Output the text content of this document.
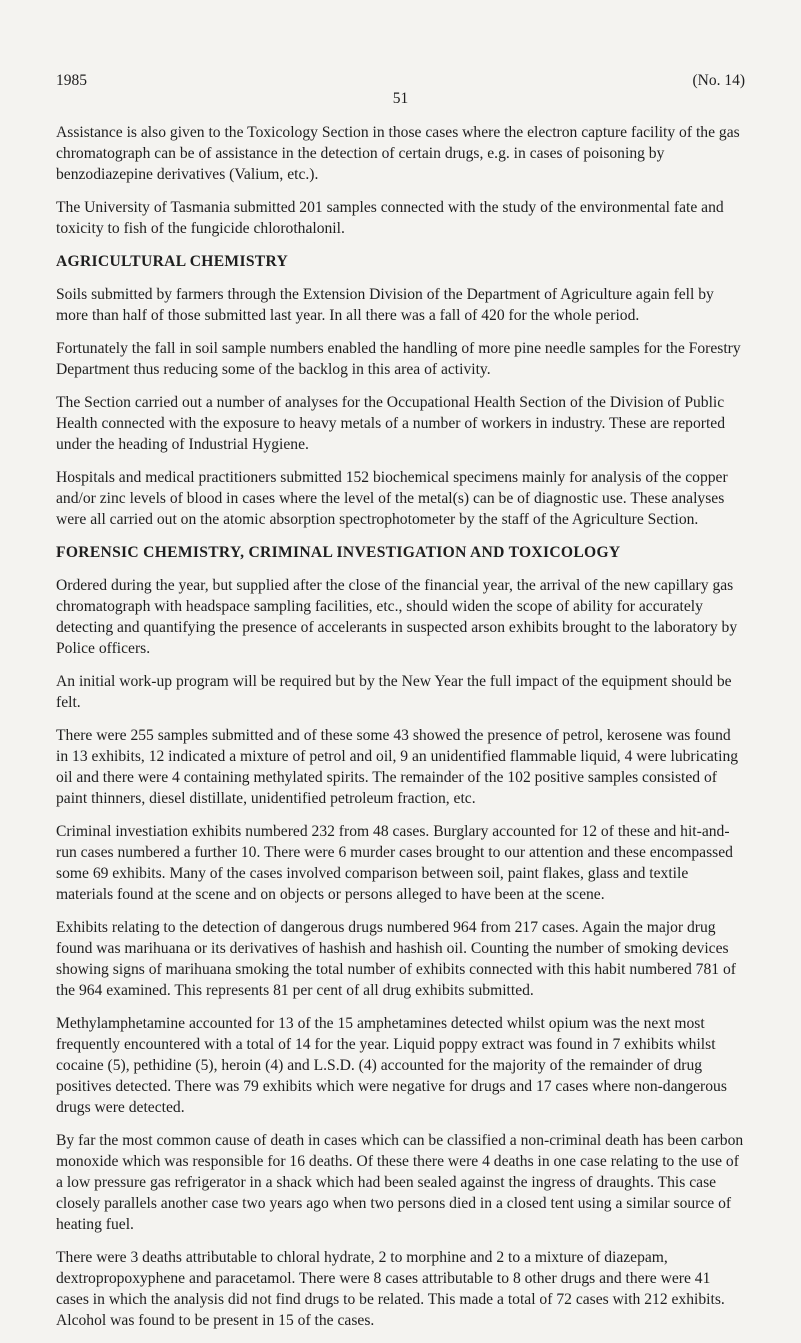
1985	(No. 14)
51

Assistance is also given to the Toxicology Section in those cases where the electron capture facility of the gas chromatograph can be of assistance in the detection of certain drugs, e.g. in cases of poisoning by benzodiazepine derivatives (Valium, etc.).

The University of Tasmania submitted 201 samples connected with the study of the environmental fate and toxicity to fish of the fungicide chlorothalonil.

AGRICULTURAL CHEMISTRY

Soils submitted by farmers through the Extension Division of the Department of Agriculture again fell by more than half of those submitted last year. In all there was a fall of 420 for the whole period.

Fortunately the fall in soil sample numbers enabled the handling of more pine needle samples for the Forestry Department thus reducing some of the backlog in this area of activity.

The Section carried out a number of analyses for the Occupational Health Section of the Division of Public Health connected with the exposure to heavy metals of a number of workers in industry. These are reported under the heading of Industrial Hygiene.

Hospitals and medical practitioners submitted 152 biochemical specimens mainly for analysis of the copper and/or zinc levels of blood in cases where the level of the metal(s) can be of diagnostic use. These analyses were all carried out on the atomic absorption spectrophotometer by the staff of the Agriculture Section.

FORENSIC CHEMISTRY, CRIMINAL INVESTIGATION AND TOXICOLOGY

Ordered during the year, but supplied after the close of the financial year, the arrival of the new capillary gas chromatograph with headspace sampling facilities, etc., should widen the scope of ability for accurately detecting and quantifying the presence of accelerants in suspected arson exhibits brought to the laboratory by Police officers.

An initial work-up program will be required but by the New Year the full impact of the equipment should be felt.

There were 255 samples submitted and of these some 43 showed the presence of petrol, kerosene was found in 13 exhibits, 12 indicated a mixture of petrol and oil, 9 an unidentified flammable liquid, 4 were lubricating oil and there were 4 containing methylated spirits. The remainder of the 102 positive samples consisted of paint thinners, diesel distillate, unidentified petroleum fraction, etc.

Criminal investiation exhibits numbered 232 from 48 cases. Burglary accounted for 12 of these and hit-and-run cases numbered a further 10. There were 6 murder cases brought to our attention and these encompassed some 69 exhibits. Many of the cases involved comparison between soil, paint flakes, glass and textile materials found at the scene and on objects or persons alleged to have been at the scene.

Exhibits relating to the detection of dangerous drugs numbered 964 from 217 cases. Again the major drug found was marihuana or its derivatives of hashish and hashish oil. Counting the number of smoking devices showing signs of marihuana smoking the total number of exhibits connected with this habit numbered 781 of the 964 examined. This represents 81 per cent of all drug exhibits submitted.

Methylamphetamine accounted for 13 of the 15 amphetamines detected whilst opium was the next most frequently encountered with a total of 14 for the year. Liquid poppy extract was found in 7 exhibits whilst cocaine (5), pethidine (5), heroin (4) and L.S.D. (4) accounted for the majority of the remainder of drug positives detected. There was 79 exhibits which were negative for drugs and 17 cases where non-dangerous drugs were detected.

By far the most common cause of death in cases which can be classified a non-criminal death has been carbon monoxide which was responsible for 16 deaths. Of these there were 4 deaths in one case relating to the use of a low pressure gas refrigerator in a shack which had been sealed against the ingress of draughts. This case closely parallels another case two years ago when two persons died in a closed tent using a similar source of heating fuel.

There were 3 deaths attributable to chloral hydrate, 2 to morphine and 2 to a mixture of diazepam, dextropropoxyphene and paracetamol. There were 8 cases attributable to 8 other drugs and there were 41 cases in which the analysis did not find drugs to be related. This made a total of 72 cases with 212 exhibits. Alcohol was found to be present in 15 of the cases.
